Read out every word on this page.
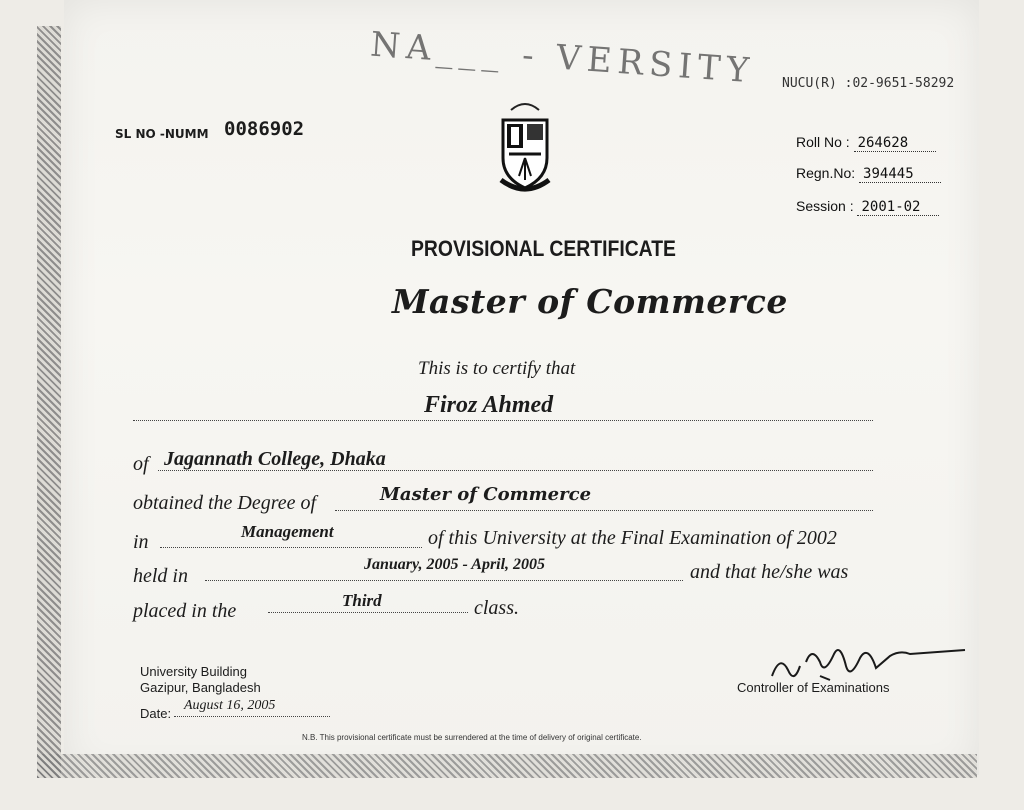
NA___ - VERSITY NUCU(R) :02-9651-58292
SL NO -NUMM 0086902
Roll No : 264628
Regn.No: 394445
Session : 2001-02
PROVISIONAL CERTIFICATE
Master of Commerce
This is to certify that
Firoz Ahmed
of Jagannath College, Dhaka
obtained the Degree of	Master of Commerce
in	Management	of this University at the Final Examination of 2002
held in
January, 2005 - April, 2005	and that he/she was
placed in the	Third	class.
University Building
Gazipur, Bangladesh
Date:
August 16, 2005
Controller of Examinations
N.B. This provisional certificate must be surrendered at the time of delivery of original certificate.
